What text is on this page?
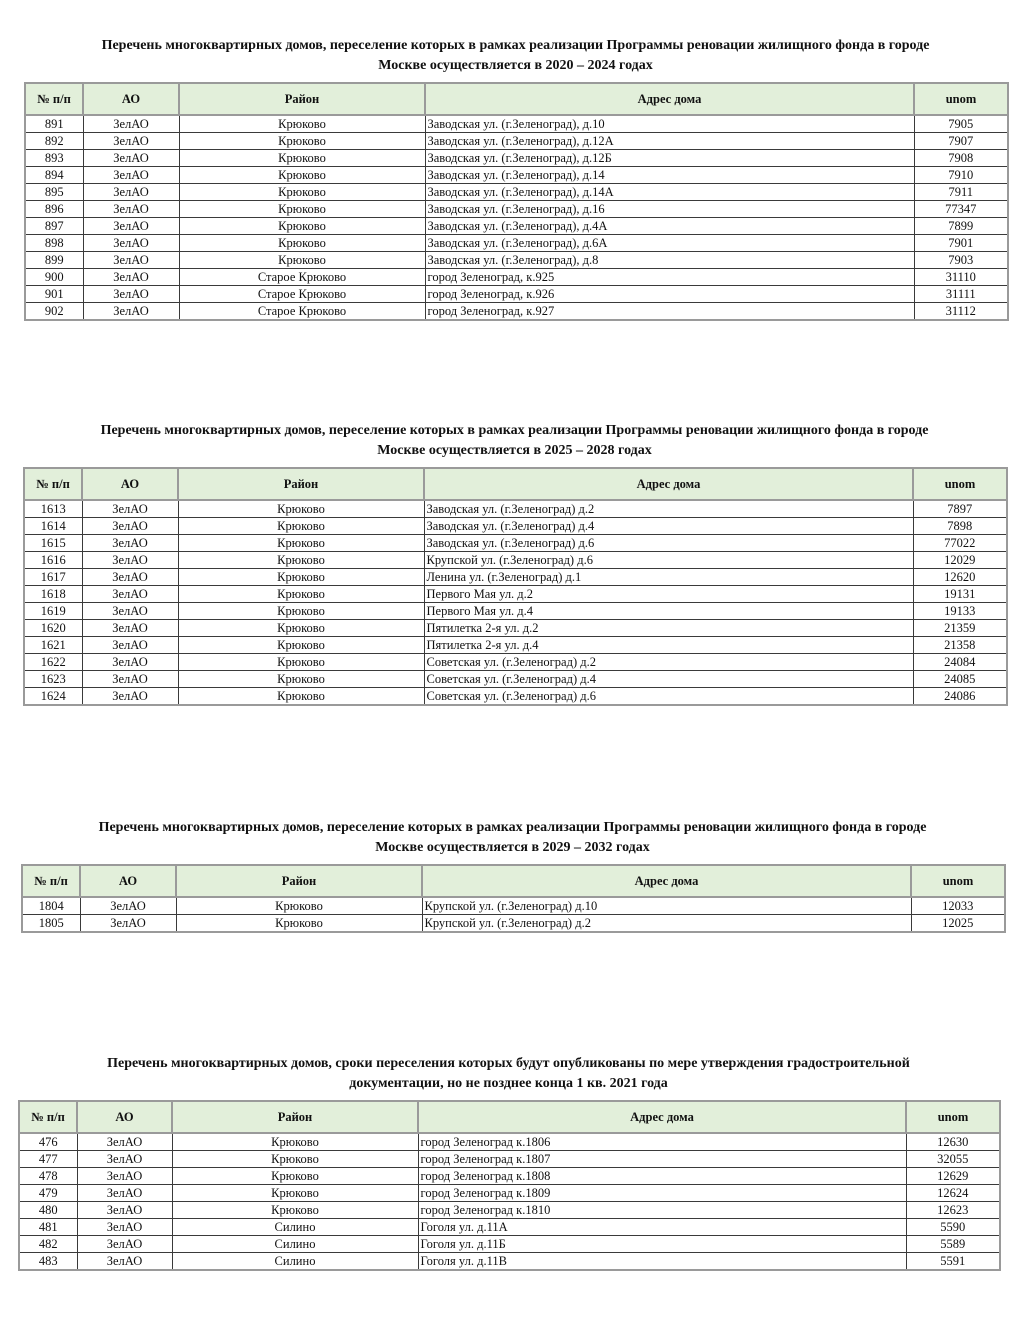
Перечень многоквартирных домов, переселение которых в рамках реализации Программы реновации жилищного фонда в городе
Москве осуществляется в 2020 – 2024 годах
№ п/п	АО	Район	Адрес дома	unom
891	ЗелАО	Крюково	Заводская ул. (г.Зеленоград), д.10	7905
892	ЗелАО	Крюково	Заводская ул. (г.Зеленоград), д.12А	7907
893	ЗелАО	Крюково	Заводская ул. (г.Зеленоград), д.12Б	7908
894	ЗелАО	Крюково	Заводская ул. (г.Зеленоград), д.14	7910
895	ЗелАО	Крюково	Заводская ул. (г.Зеленоград), д.14А	7911
896	ЗелАО	Крюково	Заводская ул. (г.Зеленоград), д.16	77347
897	ЗелАО	Крюково	Заводская ул. (г.Зеленоград), д.4А	7899
898	ЗелАО	Крюково	Заводская ул. (г.Зеленоград), д.6А	7901
899	ЗелАО	Крюково	Заводская ул. (г.Зеленоград), д.8	7903
900	ЗелАО	Старое Крюково	город Зеленоград, к.925	31110
901	ЗелАО	Старое Крюково	город Зеленоград, к.926	31111
902	ЗелАО	Старое Крюково	город Зеленоград, к.927	31112
Перечень многоквартирных домов, переселение которых в рамках реализации Программы реновации жилищного фонда в городе
Москве осуществляется в 2025 – 2028 годах
№ п/п	АО	Район	Адрес дома	unom
1613	ЗелАО	Крюково	Заводская ул. (г.Зеленоград) д.2	7897
1614	ЗелАО	Крюково	Заводская ул. (г.Зеленоград) д.4	7898
1615	ЗелАО	Крюково	Заводская ул. (г.Зеленоград) д.6	77022
1616	ЗелАО	Крюково	Крупской ул. (г.Зеленоград) д.6	12029
1617	ЗелАО	Крюково	Ленина ул. (г.Зеленоград) д.1	12620
1618	ЗелАО	Крюково	Первого Мая ул. д.2	19131
1619	ЗелАО	Крюково	Первого Мая ул. д.4	19133
1620	ЗелАО	Крюково	Пятилетка 2-я ул. д.2	21359
1621	ЗелАО	Крюково	Пятилетка 2-я ул. д.4	21358
1622	ЗелАО	Крюково	Советская ул. (г.Зеленоград) д.2	24084
1623	ЗелАО	Крюково	Советская ул. (г.Зеленоград) д.4	24085
1624	ЗелАО	Крюково	Советская ул. (г.Зеленоград) д.6	24086
Перечень многоквартирных домов, переселение которых в рамках реализации Программы реновации жилищного фонда в городе
Москве осуществляется в 2029 – 2032 годах
№ п/п	АО	Район	Адрес дома	unom
1804	ЗелАО	Крюково	Крупской ул. (г.Зеленоград) д.10	12033
1805	ЗелАО	Крюково	Крупской ул. (г.Зеленоград) д.2	12025
Перечень многоквартирных домов, сроки переселения которых будут опубликованы по мере утверждения градостроительной
документации, но не позднее конца 1 кв. 2021 года
№ п/п	АО	Район	Адрес дома	unom
476	ЗелАО	Крюково	город Зеленоград к.1806	12630
477	ЗелАО	Крюково	город Зеленоград к.1807	32055
478	ЗелАО	Крюково	город Зеленоград к.1808	12629
479	ЗелАО	Крюково	город Зеленоград к.1809	12624
480	ЗелАО	Крюково	город Зеленоград к.1810	12623
481	ЗелАО	Силино	Гоголя ул. д.11А	5590
482	ЗелАО	Силино	Гоголя ул. д.11Б	5589
483	ЗелАО	Силино	Гоголя ул. д.11В	5591
